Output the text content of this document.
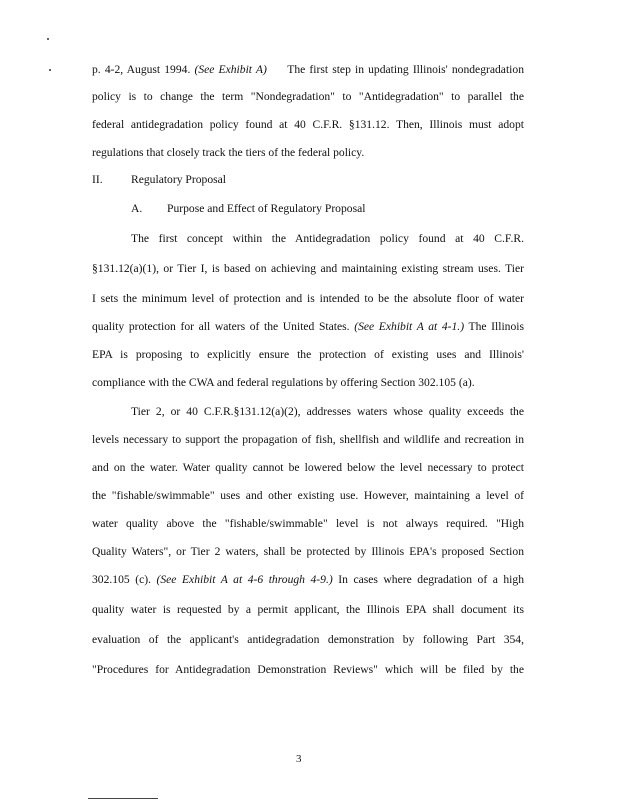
p. 4-2, August 1994. (See Exhibit A)     The first step in updating Illinois' nondegradation
policy is to change the term "Nondegradation" to "Antidegradation" to parallel the
federal antidegradation policy found at 40 C.F.R. §131.12. Then, Illinois must adopt
regulations that closely track the tiers of the federal policy.
II. Regulatory Proposal
A. Purpose and Effect of Regulatory Proposal
The first concept within the Antidegradation policy found at 40 C.F.R.
§131.12(a)(1), or Tier I, is based on achieving and maintaining existing stream uses. Tier
I sets the minimum level of protection and is intended to be the absolute floor of water
quality protection for all waters of the United States. (See Exhibit A at 4-1.) The Illinois
EPA is proposing to explicitly ensure the protection of existing uses and Illinois'
compliance with the CWA and federal regulations by offering Section 302.105 (a).
Tier 2, or 40 C.F.R.§131.12(a)(2), addresses waters whose quality exceeds the
levels necessary to support the propagation of fish, shellfish and wildlife and recreation in
and on the water. Water quality cannot be lowered below the level necessary to protect
the "fishable/swimmable" uses and other existing use. However, maintaining a level of
water quality above the "fishable/swimmable" level is not always required. "High
Quality Waters", or Tier 2 waters, shall be protected by Illinois EPA's proposed Section
302.105 (c). (See Exhibit A at 4-6 through 4-9.) In cases where degradation of a high
quality water is requested by a permit applicant, the Illinois EPA shall document its
evaluation of the applicant's antidegradation demonstration by following Part 354,
"Procedures for Antidegradation Demonstration Reviews" which will be filed by the
3
